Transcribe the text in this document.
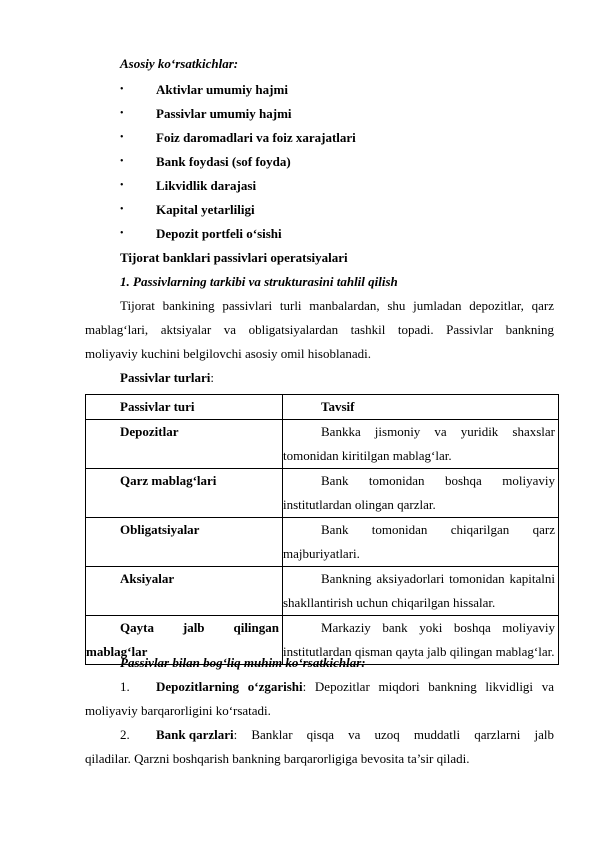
Asosiy ko‘rsatkichlar:
• Aktivlar umumiy hajmi
• Passivlar umumiy hajmi
• Foiz daromadlari va foiz xarajatlari
• Bank foydasi (sof foyda)
• Likvidlik darajasi
• Kapital yetarliligi
• Depozit portfeli o‘sishi
Tijorat banklari passivlari operatsiyalari
1. Passivlarning tarkibi va strukturasini tahlil qilish
Tijorat bankining passivlari turli manbalardan, shu jumladan depozitlar, qarz
mablag‘lari, aktsiyalar va obligatsiyalardan tashkil topadi. Passivlar bankning
moliyaviy kuchini belgilovchi asosiy omil hisoblanadi.
Passivlar turlari:
Passivlar turi	Tavsif

Depozitlar	Bankka jismoniy va yuridik shaxslar
tomonidan kiritilgan mablag‘lar.

Qarz mablag‘lari	Bank tomonidan boshqa moliyaviy
institutlardan olingan qarzlar.

Obligatsiyalar	Bank tomonidan chiqarilgan qarz
majburiyatlari.

Aksiyalar	Bankning aksiyadorlari tomonidan kapitalni
shakllantirish uchun chiqarilgan hissalar.

Qayta jalb qilingan
mablag‘lar	Markaziy bank yoki boshqa moliyaviy
institutlardan qisman qayta jalb qilingan mablag‘lar.
Passivlar bilan bog‘liq muhim ko‘rsatkichlar:
1. Depozitlarning o‘zgarishi: Depozitlar miqdori bankning likvidligi va
moliyaviy barqarorligini ko‘rsatadi.
2. Bank qarzlari : Banklar qisqa va uzoq muddatli qarzlarni jalb
qiladilar. Qarzni boshqarish bankning barqarorligiga bevosita ta’sir qiladi.
